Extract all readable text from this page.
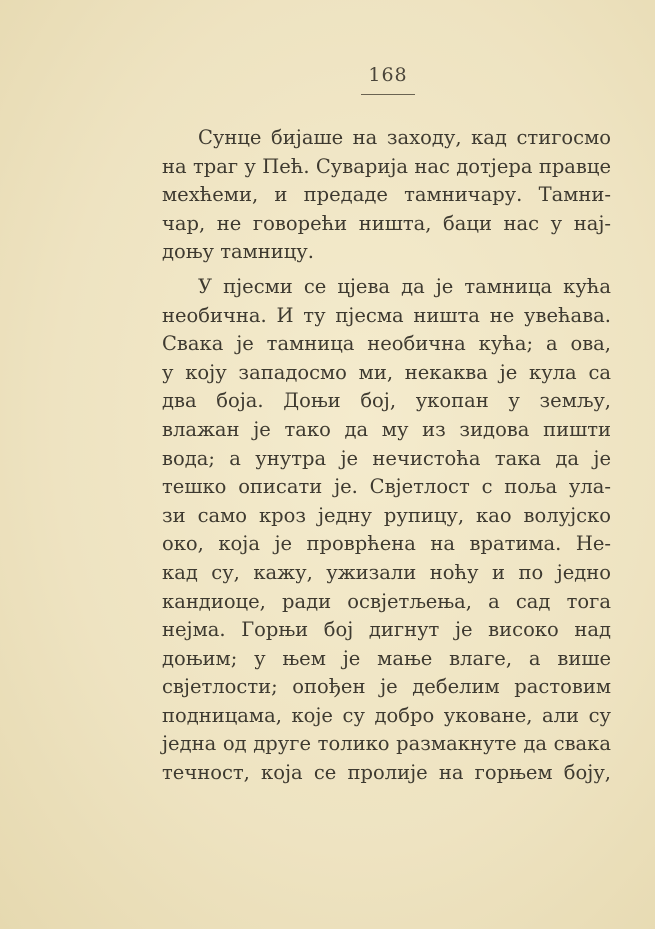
168
Сунце бијаше на заходу, кад стигосмо
на траг у Пећ. Суварија нас дотјера правце
мехћеми, и предаде тамничару. Тамни-
чар, не говорећи ништа, баци нас у нај-
доњу тамницу.
У пјесми се цјева да је тамница кућа
необична. И ту пјесма ништа не увећава.
Свака је тамница необична кућа; а ова,
у коју западосмо ми, некаква је кула са
два боја. Доњи бој, укопан у земљу,
влажан је тако да му из зидова пишти
вода; а унутра је нечистоћа така да је
тешко описати је. Свјетлост с поља ула-
зи само кроз једну рупицу, као волујско
око, која је проврћена на вратима. Не-
кад су, кажу, ужизали ноћу и по једно
кандиоце, ради освјетљења, а сад тога
нејма. Горњи бој дигнут је високо над
доњим; у њем је мање влаге, а више
свјетлости; опођен је дебелим растовим
подницама, које су добро уковане, али су
једна од друге толико размакнуте да свака
течност, која се пролије на горњем боју,
